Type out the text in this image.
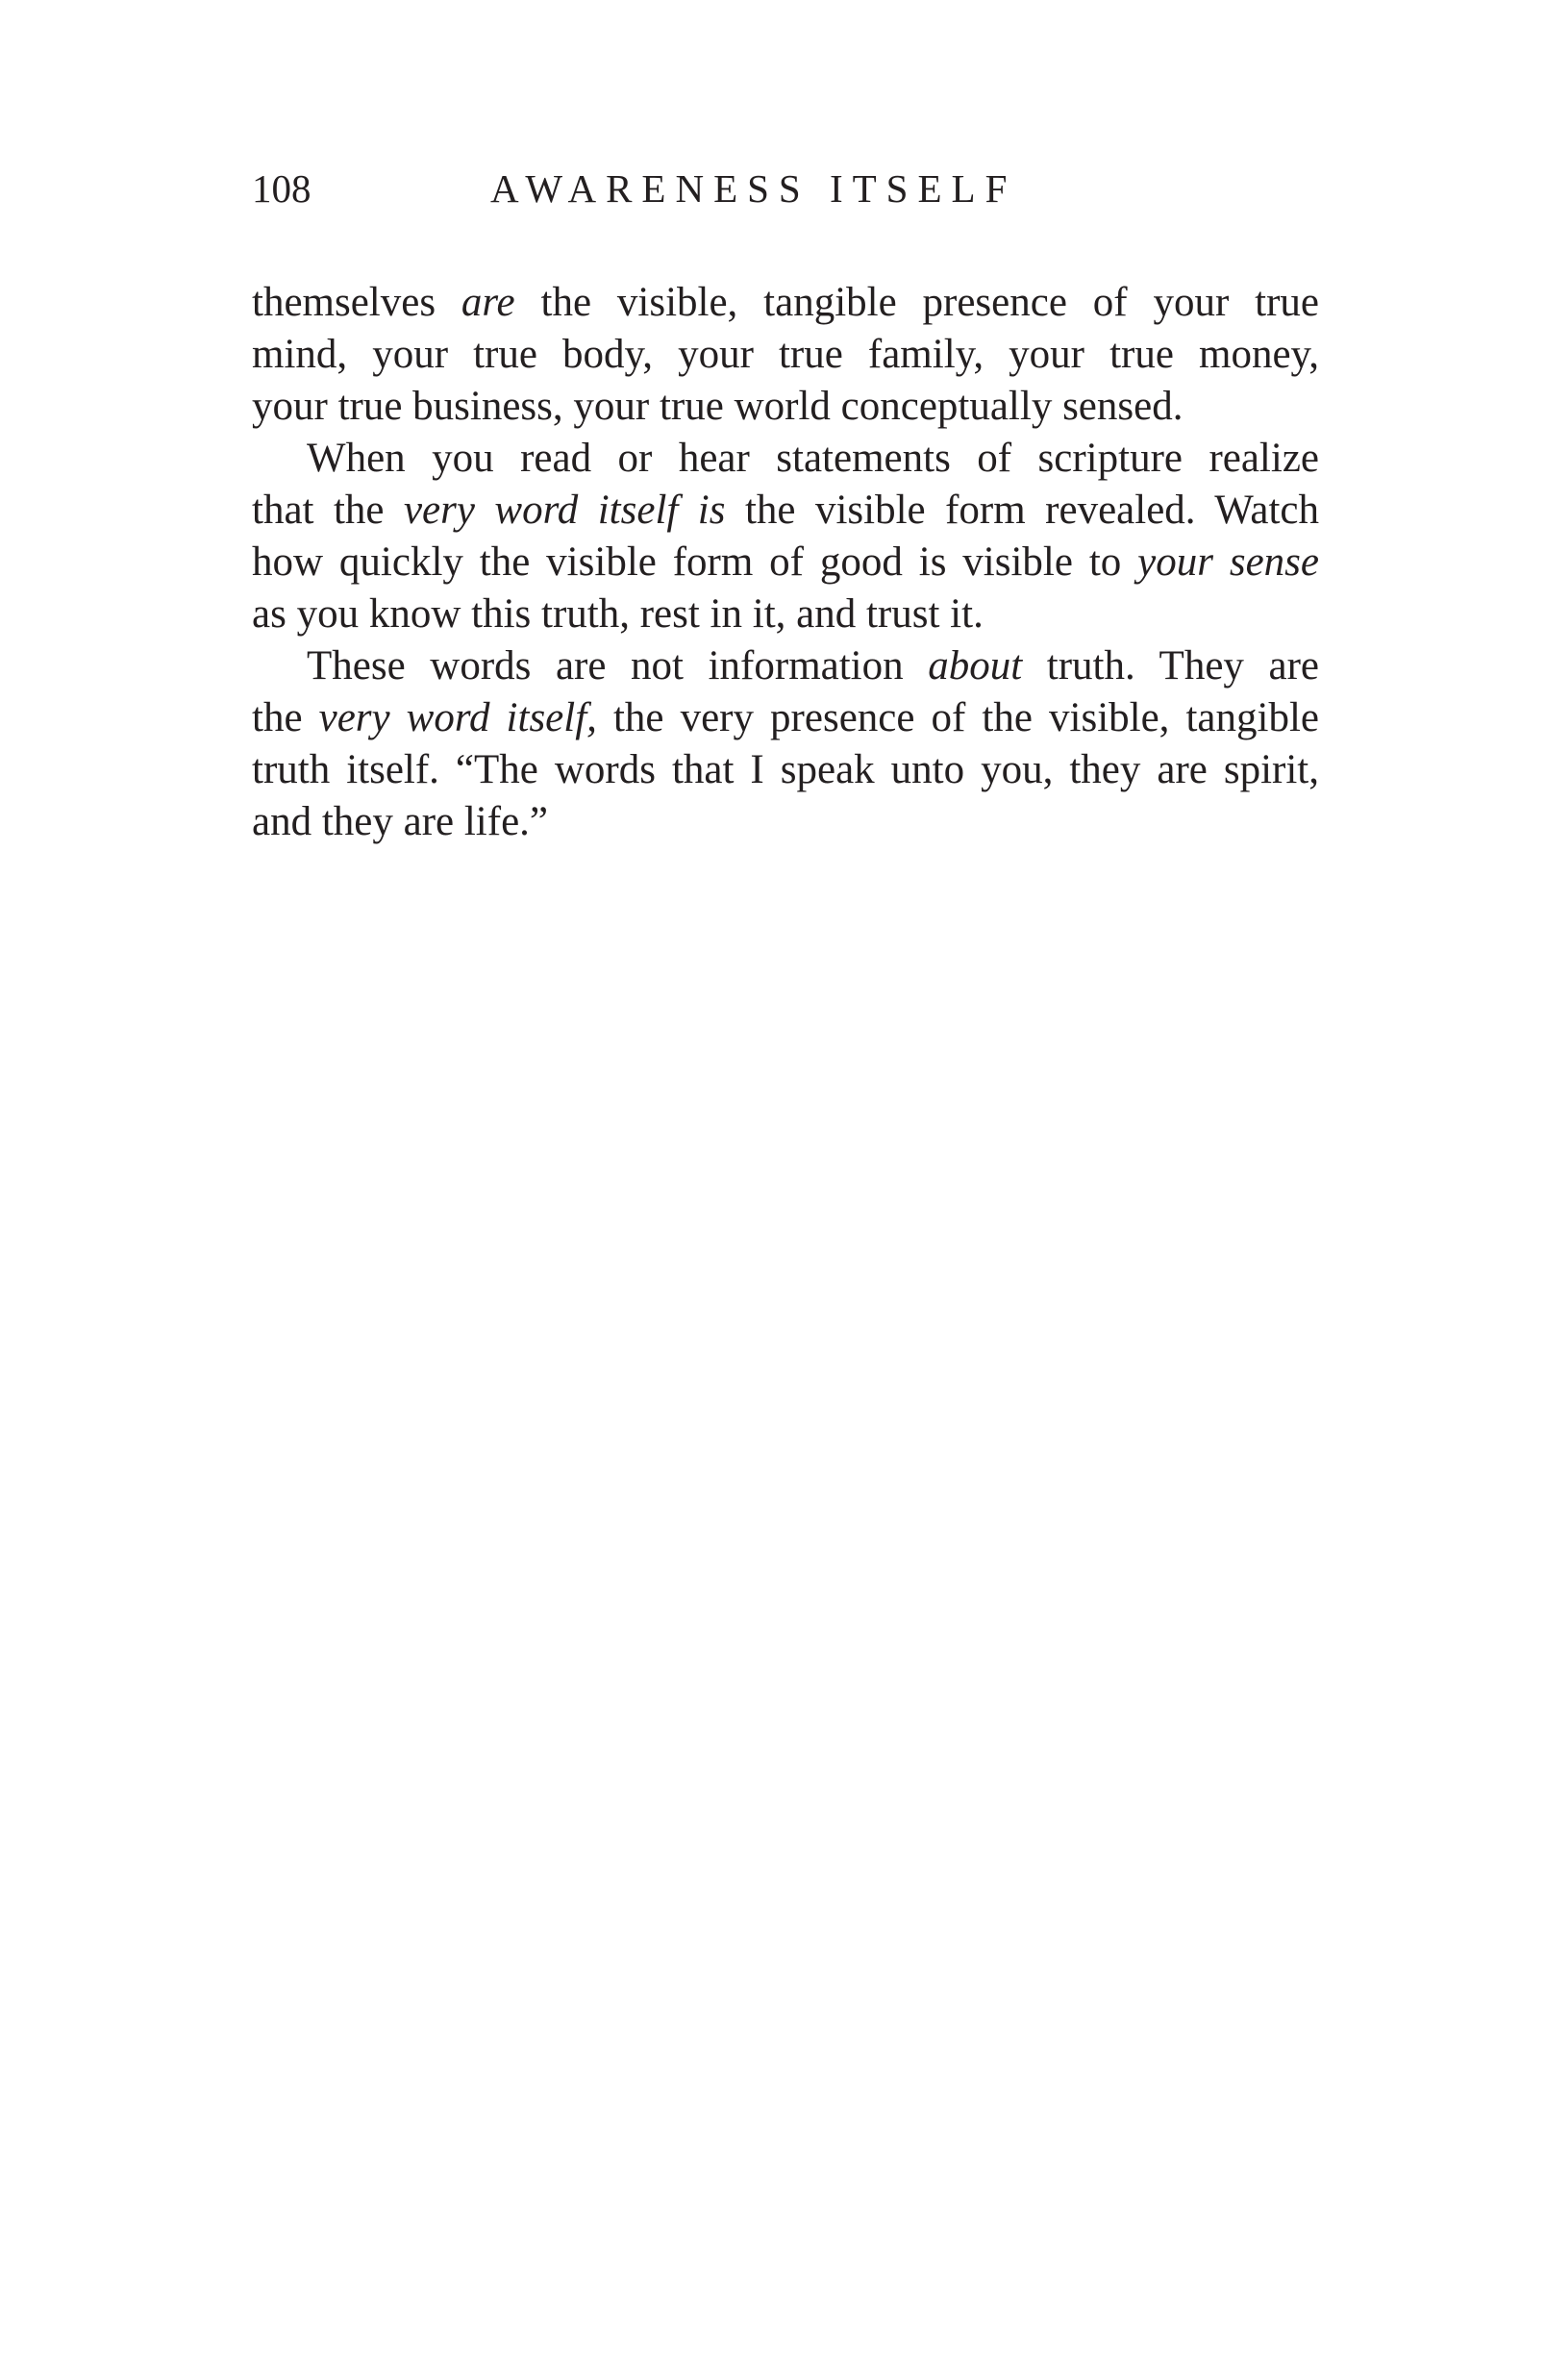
108	AWARENESS ITSELF

themselves are the visible, tangible presence of your true
mind, your true body, your true family, your true money,
your true business, your true world conceptually sensed.

When you read or hear statements of scripture realize
that the very word itself is the visible form revealed. Watch
how quickly the visible form of good is visible to your sense
as you know this truth, rest in it, and trust it.

These words are not information about truth. They are
the very word itself, the very presence of the visible, tangible
truth itself. “The words that I speak unto you, they are spirit,
and they are life.”
